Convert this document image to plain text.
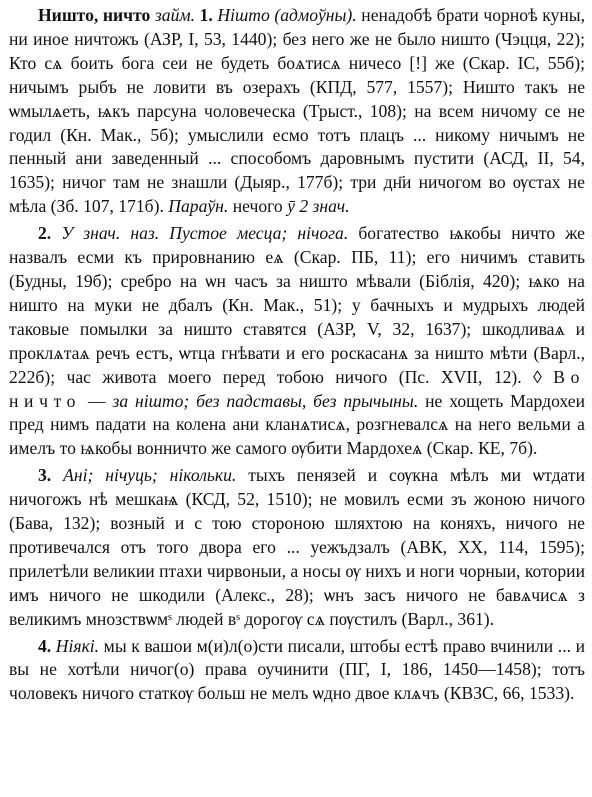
Ништо, ничто займ. 1. Нішто (адмоўны). ненадобѣ брати чорноѣ куны, ни иное ничтожъ (АЗР, I, 53, 1440); без него же не было ништо (Чэцця, 22); Кто сѧ боить бога сеи не будеть боѧтисѧ ничесо [!] же (Скар. ІС, 55б); ничымъ рыбъ не ловити въ озерахъ (КПД, 577, 1557); Ништо такъ не ѡмылѧеть, ѩкъ парсуна чоловеческа (Трыст., 108); на всем ничому се не годил (Кн. Мак., 5б); умыслили есмо тотъ плацъ ... никому ничымъ не пенный ани заведенный ... способомъ даровнымъ пустити (АСД, II, 54, 1635); ничог там не знашли (Дыяр., 177б); три дн҃и ничогом во ѹстах не мѣла (Зб. 107, 171б). Параўн. нечого ȳ 2 знач.

2. У знач. наз. Пустое месца; нічога. богатество ѩкобы ничто же назвалъ есми къ прировнанию еѧ (Скар. ПБ, 11); его ничимъ ставить (Будны, 19б); сребро на ѡн часъ за ништо мѣвали (Біблія, 420); ѩко на ништо на муки не дбалъ (Кн. Мак., 51); у бачныхъ и мудрыхъ людей таковые помылки за ништо ставятся (АЗР, V, 32, 1637); шкодливаѧ и проклѧтаѧ речъ естъ, ѡтца гнѣвати и его роскасанѧ за ништо мѣти (Варл., 222б); час живота моего перед тобою ничого (Пс. XVII, 12). ◊ Во ничто — за нішто; без падставы, без прычыны. не хощеть Мардохеи пред нимъ падати на колена ани кланѧтисѧ, розгневалсѧ на него вельми а имелъ то ѩкобы вонничто же самого ѹбити Мардохеѧ (Скар. КЕ, 7б).

3. Ані; нічуць; нікольки. тыхъ пенязей и сѹкна мѣлъ ми ѡтдати ничогожъ нѣ мешкаѩ (КСД, 52, 1510); не мовилъ есми зъ жоною ничого (Бава, 132); возный и с тою стороною шляхтою на коняхъ, ничого не противечался отъ того двора его ... уежъдзалъ (АВК, XX, 114, 1595); прилетѣли великии птахи чирвоныи, а носы ѹ нихъ и ноги чорныи, котории имъ ничого не шкодили (Алекс., 28); ѡнъ засъ ничого не бавѧчисѧ з великимъ мнозствѡмˢ людей вˢ дорогѹ сѧ пѹстилъ (Варл., 361).

4. Ніякі. мы к вашои м(и)л(о)сти писали, штобы естѣ право вчинили ... и вы не хотѣли ничог(о) права оучинити (ПГ, I, 186, 1450—1458); тотъ чоловекъ ничого статкѹ больш не мелъ ѡдно двое клѧчъ (КВЗС, 66, 1533).
